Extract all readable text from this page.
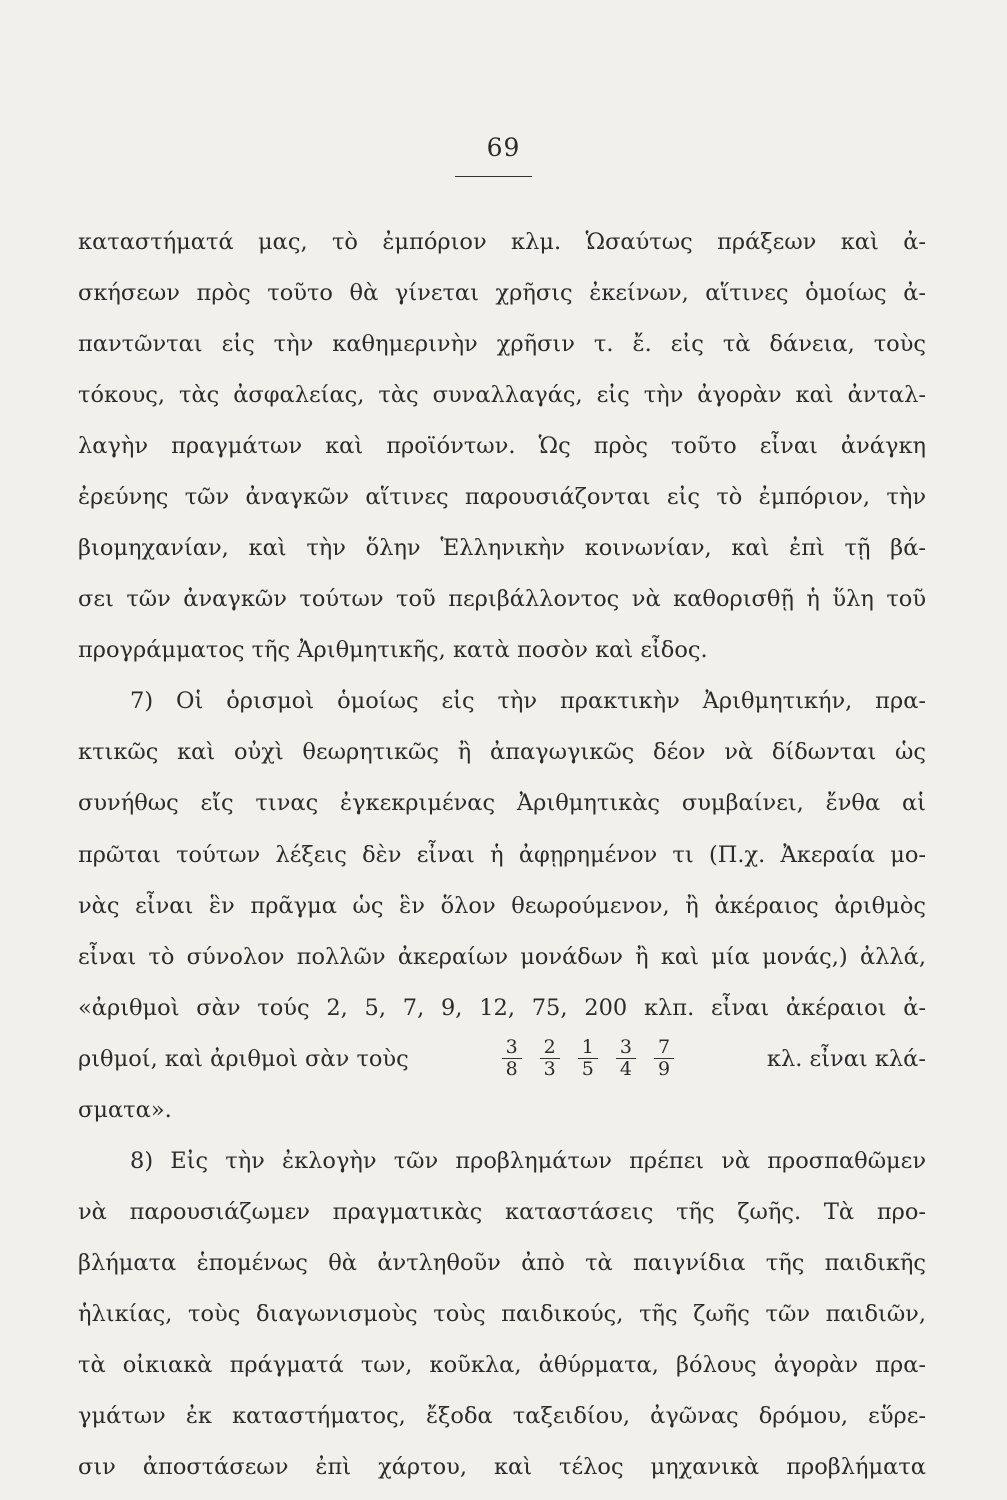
69
καταστήματά μας, τὸ ἐμπόριον κλμ. Ὡσαύτως πράξεων καὶ ἀ-
σκήσεων πρὸς τοῦτο θὰ γίνεται χρῆσις ἐκείνων, αἵτινες ὁμοίως ἀ-
παντῶνται εἰς τὴν καθημερινὴν χρῆσιν τ. ἔ. εἰς τὰ δάνεια, τοὺς
τόκους, τὰς ἀσφαλείας, τὰς συναλλαγάς, εἰς τὴν ἀγορὰν καὶ ἀνταλ-
λαγὴν πραγμάτων καὶ προϊόντων. Ὡς πρὸς τοῦτο εἶναι ἀνάγκη
ἐρεύνης τῶν ἀναγκῶν αἵτινες παρουσιάζονται εἰς τὸ ἐμπόριον, τὴν
βιομηχανίαν, καὶ τὴν ὅλην Ἑλληνικὴν κοινωνίαν, καὶ ἐπὶ τῇ βά-
σει τῶν ἀναγκῶν τούτων τοῦ περιβάλλοντος νὰ καθορισθῇ ἡ ὕλη τοῦ
προγράμματος τῆς Ἀριθμητικῆς, κατὰ ποσὸν καὶ εἶδος.
7) Οἱ ὁρισμοὶ ὁμοίως εἰς τὴν πρακτικὴν Ἀριθμητικήν, πρα-
κτικῶς καὶ οὐχὶ θεωρητικῶς ἢ ἀπαγωγικῶς δέον νὰ δίδωνται ὡς
συνήθως εἴς τινας ἐγκεκριμένας Ἀριθμητικὰς συμβαίνει, ἔνθα αἱ
πρῶται τούτων λέξεις δὲν εἶναι ἡ ἀφῃρημένον τι (Π.χ. Ἀκεραία μο-
νὰς εἶναι ἓν πρᾶγμα ὡς ἓν ὅλον θεωρούμενον, ἢ ἀκέραιος ἀριθμὸς
εἶναι τὸ σύνολον πολλῶν ἀκεραίων μονάδων ἢ καὶ μία μονάς,) ἀλλά,
«ἀριθμοὶ σὰν τούς 2, 5, 7, 9, 12, 75, 200 κλπ. εἶναι ἀκέραιοι ἀ-
ριθμοί, καὶ ἀριθμοὶ σὰν τοὺς	$\frac{3}{8} \frac{2}{3} \frac{1}{5} \frac{3}{4} \frac{7}{9}$	κλ. εἶναι κλά-
σματα».
8) Εἰς τὴν ἐκλογὴν τῶν προβλημάτων πρέπει νὰ προσπαθῶμεν
νὰ παρουσιάζωμεν πραγματικὰς καταστάσεις τῆς ζωῆς. Τὰ προ-
βλήματα ἑπομένως θὰ ἀντληθοῦν ἀπὸ τὰ παιγνίδια τῆς παιδικῆς
ἡλικίας, τοὺς διαγωνισμοὺς τοὺς παιδικούς, τῆς ζωῆς τῶν παιδιῶν,
τὰ οἰκιακὰ πράγματά των, κοῦκλα, ἀθύρματα, βόλους ἀγορὰν πρα-
γμάτων ἐκ καταστήματος, ἔξοδα ταξειδίου, ἀγῶνας δρόμου, εὕρε-
σιν ἀποστάσεων ἐπὶ χάρτου, καὶ τέλος μηχανικὰ προβλήματα
